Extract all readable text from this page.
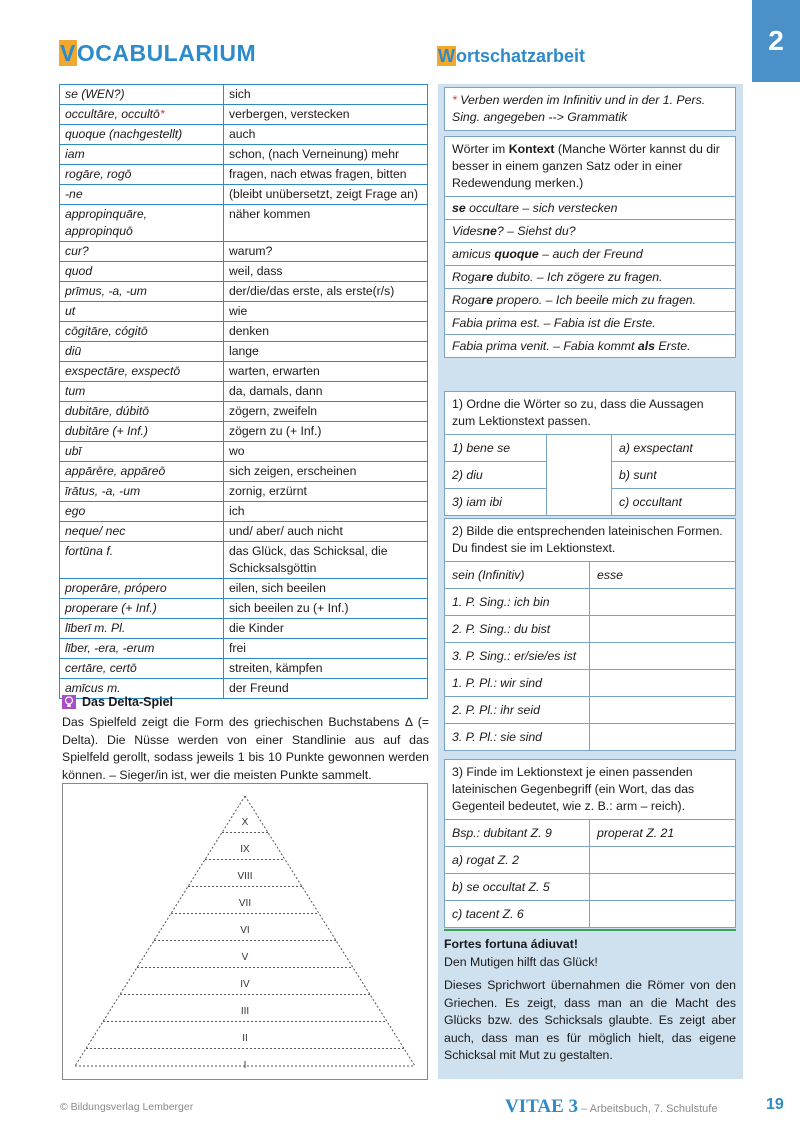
VOCABULARIUM	Wortschatzarbeit	2
se (WEN?)	sich
occultāre, occultō*	verbergen, verstecken
quoque (nachgestellt)	auch
iam	schon, (nach Verneinung) mehr
rogāre, rogō	fragen, nach etwas fragen, bitten
-ne	(bleibt unübersetzt, zeigt Frage an)
appropinquāre, appropinquō	näher kommen
cur?	warum?
quod	weil, dass
prīmus, -a, -um	der/die/das erste, als erste(r/s)
ut	wie
cōgitāre, cógitō	denken
diū	lange
exspectāre, exspectō	warten, erwarten
tum	da, damals, dann
dubitāre, dúbitō	zögern, zweifeln
dubitāre (+ Inf.)	zögern zu (+ Inf.)
ubī	wo
appārēre, appāreō	sich zeigen, erscheinen
īrātus, -a, -um	zornig, erzürnt
ego	ich
neque/ nec	und/ aber/ auch nicht
fortūna f.	das Glück, das Schicksal, die Schicksalsgöttin
properāre, própero	eilen, sich beeilen
properare (+ Inf.)	sich beeilen zu (+ Inf.)
līberī m. Pl.	die Kinder
līber, -era, -erum	frei
certāre, certō	streiten, kämpfen
amīcus m.	der Freund
Das Delta-Spiel
Das Spielfeld zeigt die Form des griechischen Buchstabens Δ (= Delta). Die Nüsse werden von einer Standlinie aus auf das Spielfeld gerollt, sodass jeweils 1 bis 10 Punkte gewonnen werden können. – Sieger/in ist, wer die meisten Punkte sammelt.
X
IX
VIII
VII
VI
V
IV
III
II
I
* Verben werden im Infinitiv und in der 1. Pers. Sing. angegeben --> Grammatik
Wörter im Kontext (Manche Wörter kannst du dir besser in einem ganzen Satz oder in einer Redewendung merken.)
se occultare – sich verstecken
Videsne? – Siehst du?
amicus quoque – auch der Freund
Rogare dubito. – Ich zögere zu fragen.
Rogare propero. – Ich beeile mich zu fragen.
Fabia prima est. – Fabia ist die Erste.
Fabia prima venit. – Fabia kommt als Erste.
1) Ordne die Wörter so zu, dass die Aussagen zum Lektionstext passen.
1) bene se		a) exspectant
2) diu		b) sunt
3) iam ibi		c) occultant
2) Bilde die entsprechenden lateinischen Formen. Du findest sie im Lektionstext.
sein (Infinitiv)	esse
1. P. Sing.: ich bin	
2. P. Sing.: du bist	
3. P. Sing.: er/sie/es ist	
1. P. Pl.: wir sind	
2. P. Pl.: ihr seid	
3. P. Pl.: sie sind	
3) Finde im Lektionstext je einen passenden lateinischen Gegenbegriff (ein Wort, das das Gegenteil bedeutet, wie z. B.: arm – reich).
Bsp.: dubitant Z. 9	properat Z. 21
a) rogat Z. 2	
b) se occultat Z. 5	
c) tacent Z. 6	
Fortes fortuna ádiuvat!
Den Mutigen hilft das Glück!
Dieses Sprichwort übernahmen die Römer von den Griechen. Es zeigt, dass man an die Macht des Glücks bzw. des Schicksals glaubte. Es zeigt aber auch, dass man es für möglich hielt, das eigene Schicksal mit Mut zu gestalten.
© Bildungsverlag Lemberger	VITAE 3 – Arbeitsbuch, 7. Schulstufe	19
